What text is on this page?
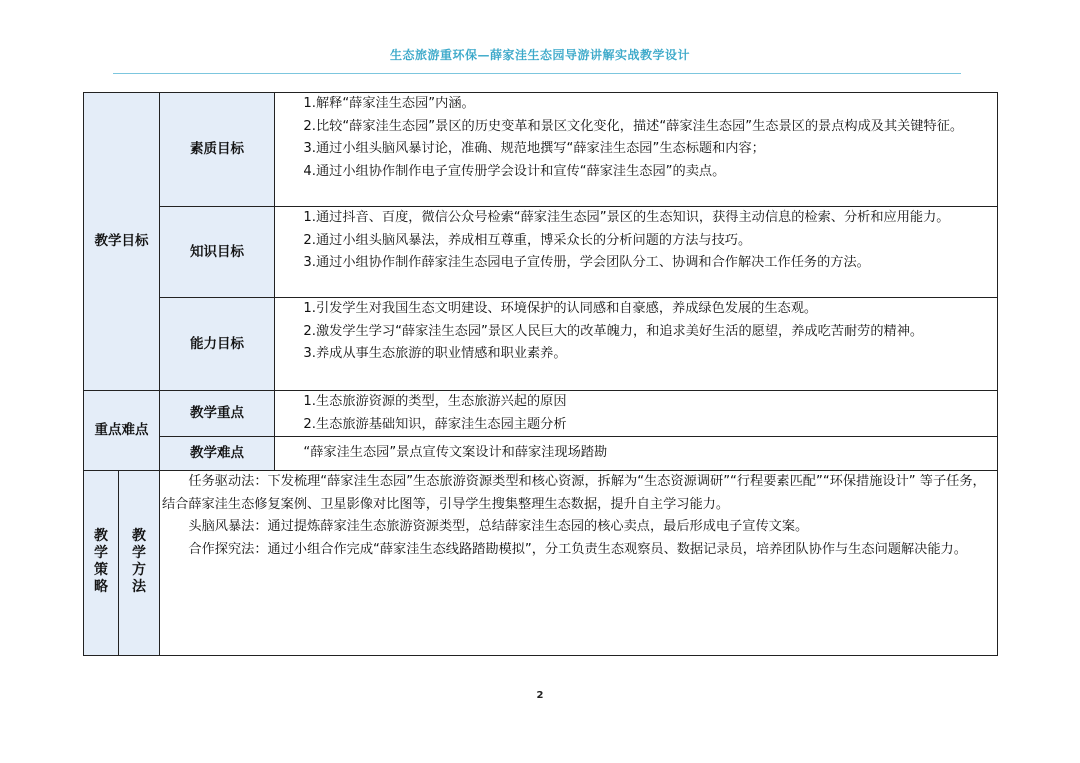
生态旅游重环保—薛家洼生态园导游讲解实战教学设计
教学目标		素质目标	1.解释“薛家洼生态园”内涵。
2.比较“薛家洼生态园”景区的历史变革和景区文化变化，描述“薛家洼生态园”生态景区的景点构成及其关键特征。
3.通过小组头脑风暴讨论，准确、规范地撰写“薛家洼生态园”生态标题和内容；
4.通过小组协作制作电子宣传册学会设计和宣传“薛家洼生态园”的卖点。

		知识目标	1.通过抖音、百度，微信公众号检索“薛家洼生态园”景区的生态知识，获得主动信息的检索、分析和应用能力。
2.通过小组头脑风暴法，养成相互尊重，博采众长的分析问题的方法与技巧。
3.通过小组协作制作薛家洼生态园电子宣传册，学会团队分工、协调和合作解决工作任务的方法。

		能力目标	1.引发学生对我国生态文明建设、环境保护的认同感和自豪感，养成绿色发展的生态观。
2.激发学生学习“薛家洼生态园”景区人民巨大的改革魄力，和追求美好生活的愿望，养成吃苦耐劳的精神。
3.养成从事生态旅游的职业情感和职业素养。

重点难点		教学重点	1.生态旅游资源的类型，生态旅游兴起的原因
2.生态旅游基础知识，薛家洼生态园主题分析

		教学难点	“薛家洼生态园”景点宣传文案设计和薛家洼现场踏勘

教学策略	教学方法	任务驱动法：下发梳理“薛家洼生态园”生态旅游资源类型和核心资源，拆解为“生态资源调研”“行程要素匹配”“环保措施设计” 等子任务，结合薛家洼生态修复案例、卫星影像对比图等，引导学生搜集整理生态数据，提升自主学习能力。
头脑风暴法：通过提炼薛家洼生态旅游资源类型，总结薛家洼生态园的核心卖点，最后形成电子宣传文案。
合作探究法：通过小组合作完成“薛家洼生态线路踏勘模拟”，分工负责生态观察员、数据记录员，培养团队协作与生态问题解决能力。	
2
